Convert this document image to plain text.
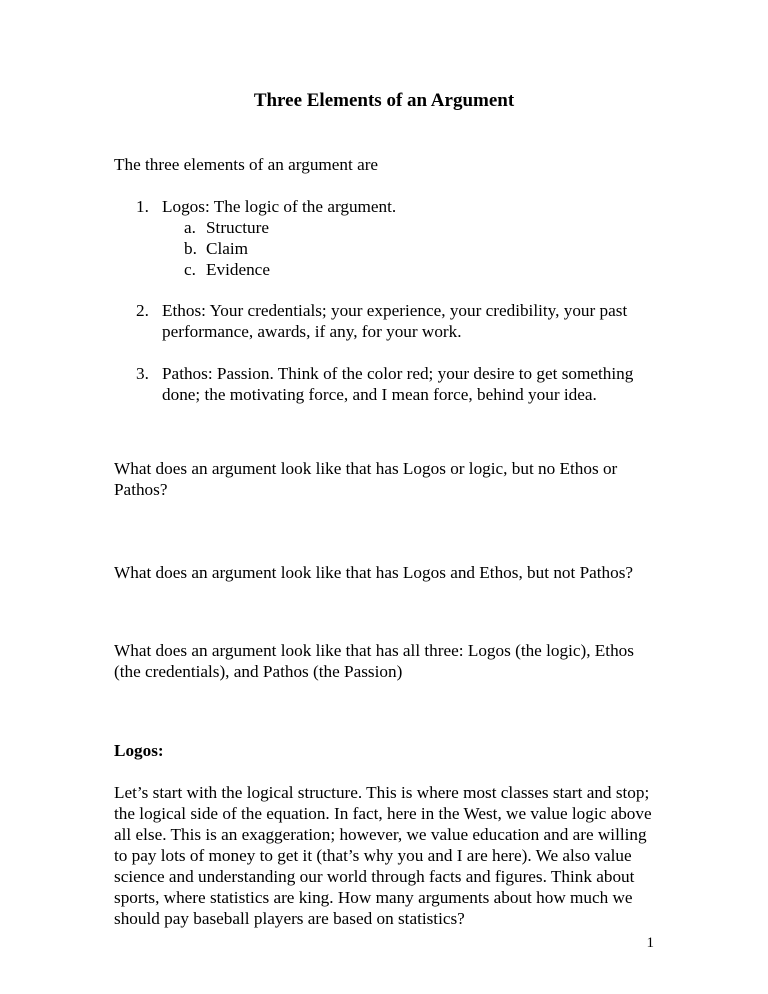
Three Elements of an Argument

The three elements of an argument are

1. Logos: The logic of the argument.

a. Structure
b. Claim
c. Evidence
2. Ethos: Your credentials; your experience, your credibility, your past performance, awards, if any, for your work.

3. Pathos: Passion. Think of the color red; your desire to get something done; the motivating force, and I mean force, behind your idea.

What does an argument look like that has Logos or logic, but no Ethos or Pathos?

What does an argument look like that has Logos and Ethos, but not Pathos?

What does an argument look like that has all three: Logos (the logic), Ethos (the credentials), and Pathos (the Passion)

Logos:

Let’s start with the logical structure. This is where most classes start and stop; the logical side of the equation. In fact, here in the West, we value logic above all else. This is an exaggeration; however, we value education and are willing to pay lots of money to get it (that’s why you and I are here). We also value science and understanding our world through facts and figures. Think about sports, where statistics are king. How many arguments about how much we should pay baseball players are based on statistics?

1
